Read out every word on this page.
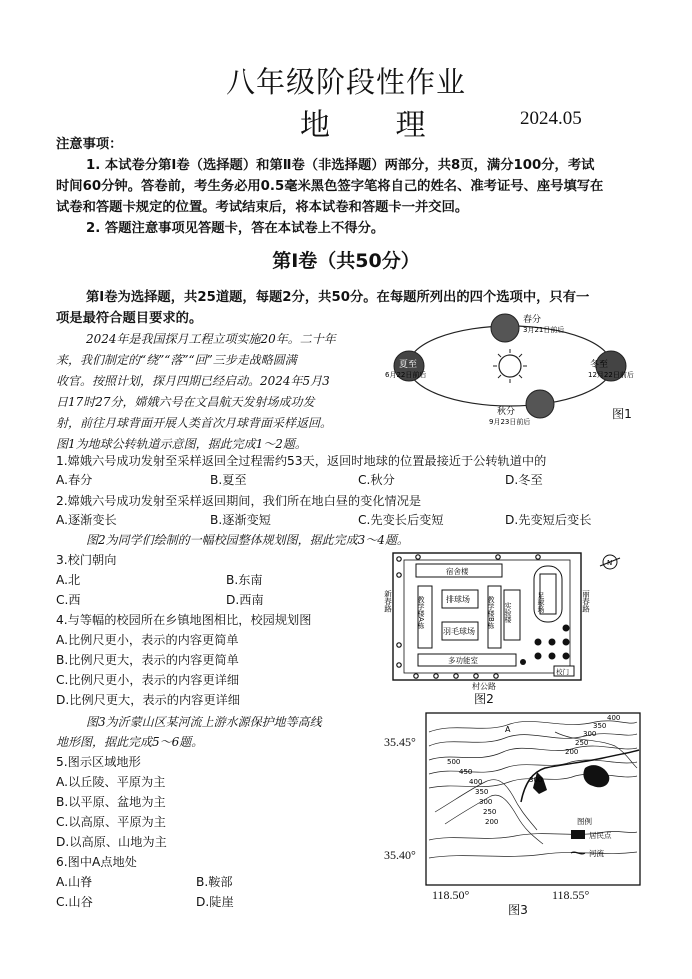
八年级阶段性作业
地 理	2024.05
注意事项：
1. 本试卷分第Ⅰ卷（选择题）和第Ⅱ卷（非选择题）两部分，共8页，满分100分，考试
时间60分钟。答卷前，考生务必用0.5毫米黑色签字笔将自己的姓名、准考证号、座号填写在
试卷和答题卡规定的位置。考试结束后，将本试卷和答题卡一并交回。
2. 答题注意事项见答题卡，答在本试卷上不得分。
第Ⅰ卷（共50分）
第Ⅰ卷为选择题，共25道题，每题2分，共50分。在每题所列出的四个选项中，只有一
项是最符合题目要求的。
2024年是我国探月工程立项实施20年。二十年
来，我们制定的“绕”“落”“回”三步走战略圆满
收官。按照计划，探月四期已经启动。2024年5月3
日17时27分，嫦娥六号在文昌航天发射场成功发
射，前往月球背面开展人类首次月球背面采样返回。
图1为地球公转轨道示意图，据此完成1～2题。
春分
3月21日前后
夏至
6月22日前后
冬至
12月22日前后
秋分
9月23日前后
图1
1.嫦娥六号成功发射至采样返回全过程需约53天，返回时地球的位置最接近于公转轨道中的
A.春分	B.夏至	C.秋分	D.冬至
2.嫦娥六号成功发射至采样返回期间，我们所在地白昼的变化情况是
A.逐渐变长	B.逐渐变短	C.先变长后变短	D.先变短后变长
图2为同学们绘制的一幅校园整体规划图，据此完成3～4题。
3.校门朝向
A.北	B.东南
C.西	D.西南
4.与等幅的校园所在乡镇地图相比，校园规划图
A.比例尺更小，表示的内容更简单
B.比例尺更大，表示的内容更简单
C.比例尺更小，表示的内容更详细
D.比例尺更大，表示的内容更详细
宿舍楼
教学楼A栋	排球场
羽毛球场
教学楼B栋 实验楼	足球场
多功能室
校门
新春路	丽春路
村公路
N
图2
图3为沂蒙山区某河流上游水源保护地等高线
地形图，据此完成5～6题。
5.图示区域地形
A.以丘陵、平原为主
B.以平原、盆地为主
C.以高原、平原为主
D.以高原、山地为主
6.图中A点地处
A.山脊	B.鞍部
C.山谷	D.陡崖
35.45°
35.40°
A
400
350
300
250
200
500
450
400
350
300
250
200
300
图例
居民点
河流
118.50°	118.55°
图3
